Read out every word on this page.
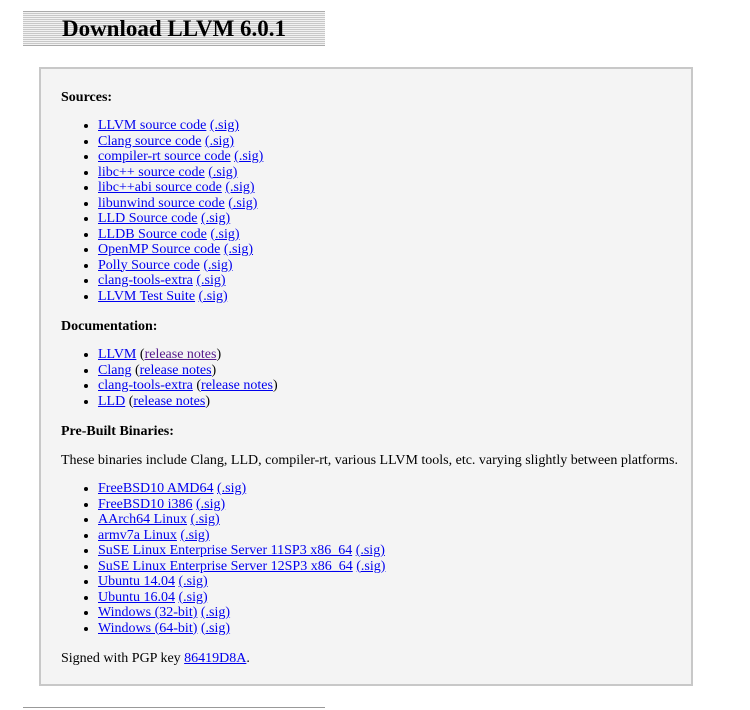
Download LLVM 6.0.1
Sources:
• LLVM source code (.sig)
• Clang source code (.sig)
• compiler-rt source code (.sig)
• libc++ source code (.sig)
• libc++abi source code (.sig)
• libunwind source code (.sig)
• LLD Source code (.sig)
• LLDB Source code (.sig)
• OpenMP Source code (.sig)
• Polly Source code (.sig)
• clang-tools-extra (.sig)
• LLVM Test Suite (.sig)
Documentation:
• LLVM (release notes)
• Clang (release notes)
• clang-tools-extra (release notes)
• LLD (release notes)
Pre-Built Binaries:

These binaries include Clang, LLD, compiler-rt, various LLVM tools, etc. varying slightly between platforms.

• FreeBSD10 AMD64 (.sig)
• FreeBSD10 i386 (.sig)
• AArch64 Linux (.sig)
• armv7a Linux (.sig)
• SuSE Linux Enterprise Server 11SP3 x86_64 (.sig)
• SuSE Linux Enterprise Server 12SP3 x86_64 (.sig)
• Ubuntu 14.04 (.sig)
• Ubuntu 16.04 (.sig)
• Windows (32-bit) (.sig)
• Windows (64-bit) (.sig)

Signed with PGP key 86419D8A.
